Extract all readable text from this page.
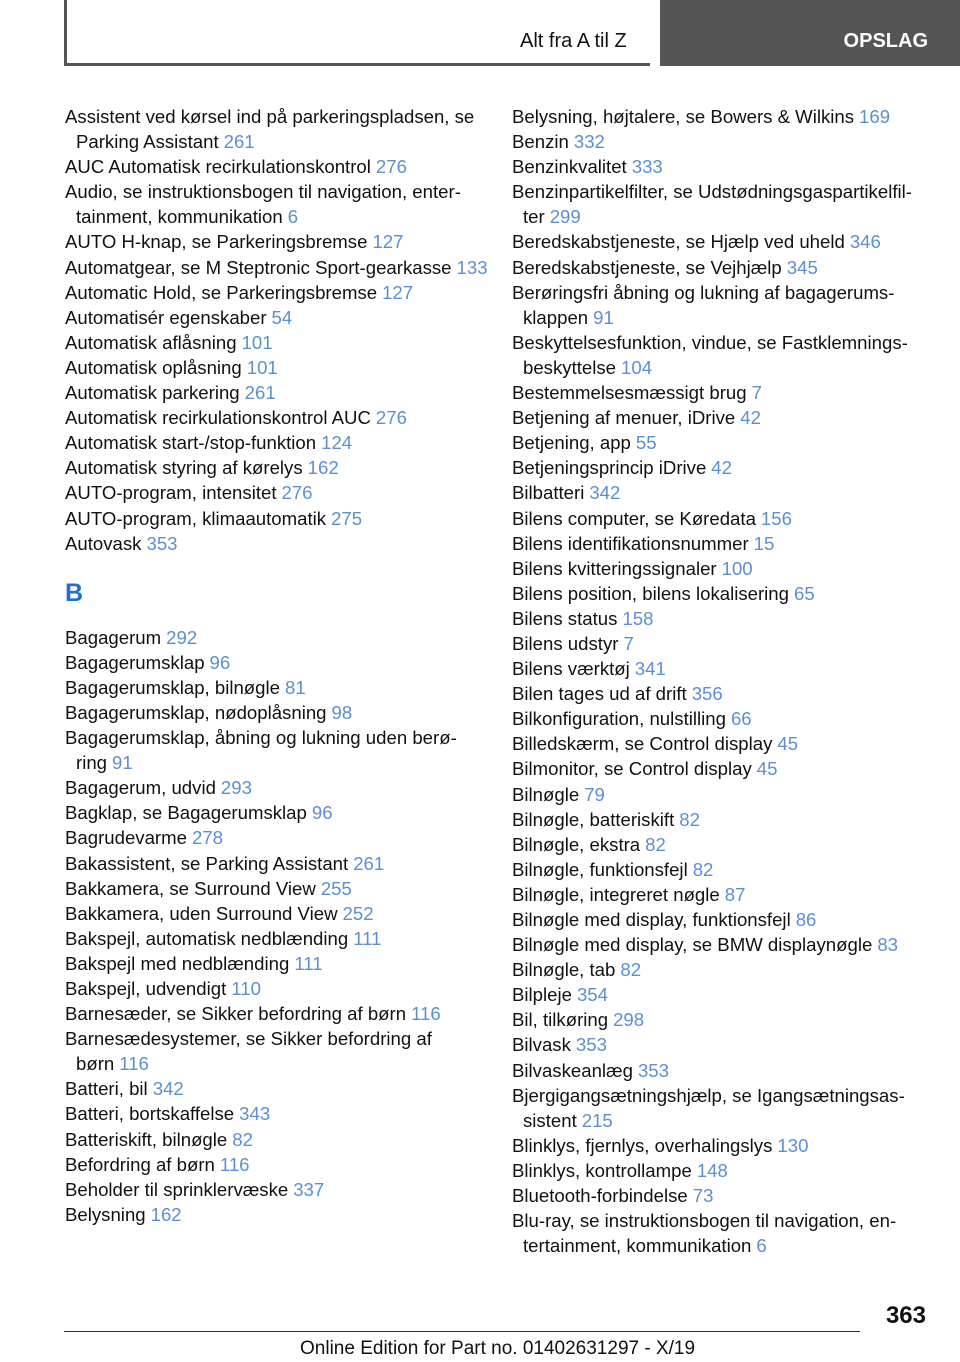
Alt fra A til Z	OPSLAG
Assistent ved kørsel ind på parkeringspladsen, se Parking Assistant 261
AUC Automatisk recirkulationskontrol 276
Audio, se instruktionsbogen til navigation, entertainment, kommunikation 6
AUTO H-knap, se Parkeringsbremse 127
Automatgear, se M Steptronic Sport-gearkasse 133
Automatic Hold, se Parkeringsbremse 127
Automatisér egenskaber 54
Automatisk aflåsning 101
Automatisk oplåsning 101
Automatisk parkering 261
Automatisk recirkulationskontrol AUC 276
Automatisk start-/stop-funktion 124
Automatisk styring af kørelys 162
AUTO-program, intensitet 276
AUTO-program, klimaautomatik 275
Autovask 353
B
Bagagerum 292
Bagagerumsklap 96
Bagagerumsklap, bilnøgle 81
Bagagerumsklap, nødoplåsning 98
Bagagerumsklap, åbning og lukning uden berøring 91
Bagagerum, udvid 293
Bagklap, se Bagagerumsklap 96
Bagrudevarme 278
Bakassistent, se Parking Assistant 261
Bakkamera, se Surround View 255
Bakkamera, uden Surround View 252
Bakspejl, automatisk nedblænding 111
Bakspejl med nedblænding 111
Bakspejl, udvendigt 110
Barnesæder, se Sikker befordring af børn 116
Barnesædesystemer, se Sikker befordring af børn 116
Batteri, bil 342
Batteri, bortskaffelse 343
Batteriskift, bilnøgle 82
Befordring af børn 116
Beholder til sprinklervæske 337
Belysning 162
Belysning, højtalere, se Bowers & Wilkins 169
Benzin 332
Benzinkvalitet 333
Benzinpartikelfilter, se Udstødningsgaspartikelfilter 299
Beredskabstjeneste, se Hjælp ved uheld 346
Beredskabstjeneste, se Vejhjælp 345
Berøringsfri åbning og lukning af bagagerumsklappen 91
Beskyttelsesfunktion, vindue, se Fastklemningsbeskyttelse 104
Bestemmelsesmæssigt brug 7
Betjening af menuer, iDrive 42
Betjening, app 55
Betjeningsprincip iDrive 42
Bilbatteri 342
Bilens computer, se Køredata 156
Bilens identifikationsnummer 15
Bilens kvitteringssignaler 100
Bilens position, bilens lokalisering 65
Bilens status 158
Bilens udstyr 7
Bilens værktøj 341
Bilen tages ud af drift 356
Bilkonfiguration, nulstilling 66
Billedskærm, se Control display 45
Bilmonitor, se Control display 45
Bilnøgle 79
Bilnøgle, batteriskift 82
Bilnøgle, ekstra 82
Bilnøgle, funktionsfejl 82
Bilnøgle, integreret nøgle 87
Bilnøgle med display, funktionsfejl 86
Bilnøgle med display, se BMW displaynøgle 83
Bilnøgle, tab 82
Bilpleje 354
Bil, tilkøring 298
Bilvask 353
Bilvaskeanlæg 353
Bjergigangsætningshjælp, se Igangsætningsassistent 215
Blinklys, fjernlys, overhalingslys 130
Blinklys, kontrollampe 148
Bluetooth-forbindelse 73
Blu-ray, se instruktionsbogen til navigation, entertainment, kommunikation 6
363
Online Edition for Part no. 01402631297 - X/19
